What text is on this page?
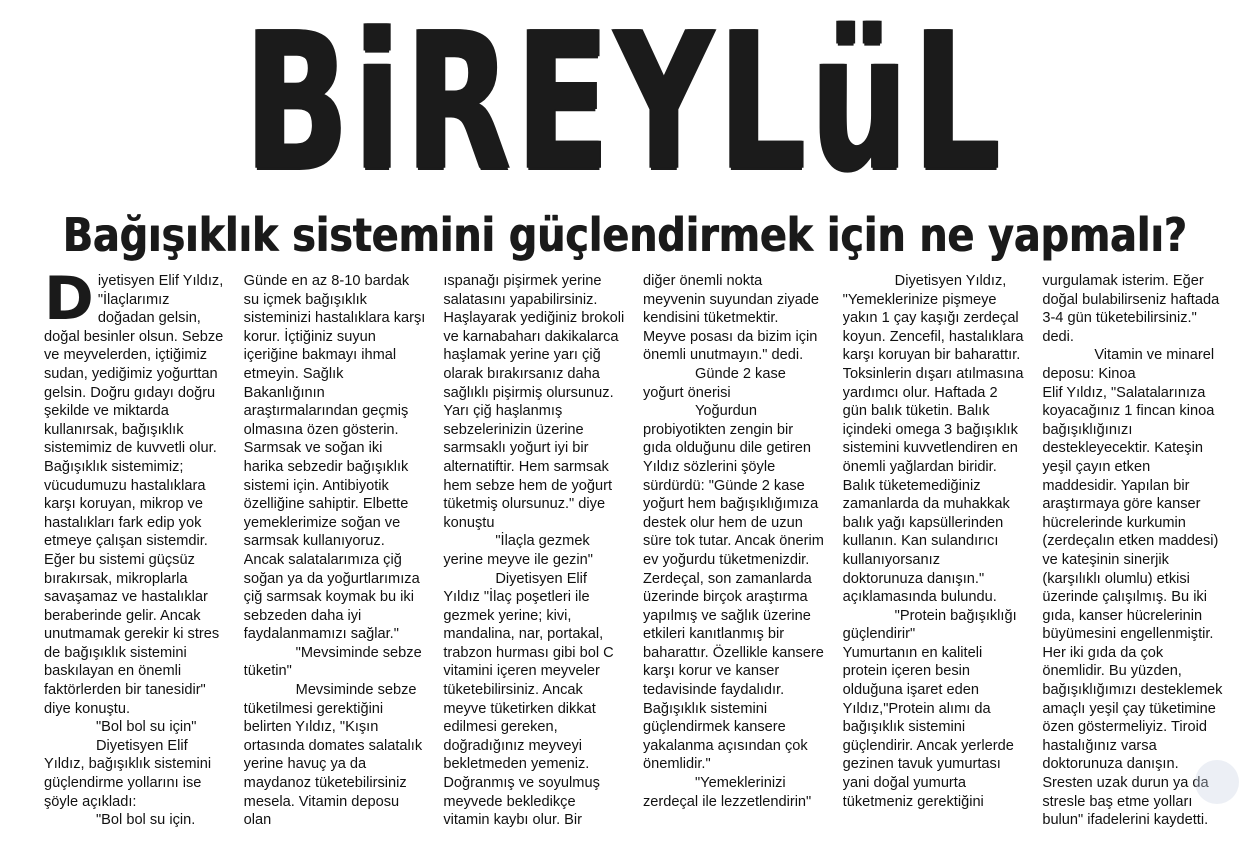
BiREYLüL
Bağışıklık sistemini güçlendirmek için ne yapmalı?

Diyetisyen Elif Yıldız, "İlaçlarımız doğadan gelsin, doğal besinler olsun. Sebze ve meyvelerden, içtiğimiz sudan, yediğimiz yoğurttan gelsin. Doğru gıdayı doğru şekilde ve miktarda kullanırsak, bağışıklık sistemimiz de kuvvetli olur. Bağışıklık sistemimiz; vücudumuzu hastalıklara karşı koruyan, mikrop ve hastalıkları fark edip yok etmeye çalışan sistemdir. Eğer bu sistemi güçsüz bırakırsak, mikroplarla savaşamaz ve hastalıklar beraberinde gelir. Ancak unutmamak gerekir ki stres de bağışıklık sistemini baskılayan en önemli faktörlerden bir tanesidir" diye konuştu.

"Bol bol su için"

Diyetisyen Elif Yıldız, bağışıklık sistemini güçlendirme yollarını ise şöyle açıkladı:

"Bol bol su için.

Günde en az 8-10 bardak su içmek bağışıklık sisteminizi hastalıklara karşı korur. İçtiğiniz suyun içeriğine bakmayı ihmal etmeyin. Sağlık Bakanlığının araştırmalarından geçmiş olmasına özen gösterin. Sarmsak ve soğan iki harika sebzedir bağışıklık sistemi için. Antibiyotik özelliğine sahiptir. Elbette yemeklerimize soğan ve sarmsak kullanıyoruz. Ancak salatalarımıza çiğ soğan ya da yoğurtlarımıza çiğ sarmsak koymak bu iki sebzeden daha iyi faydalanmamızı sağlar."

"Mevsiminde sebze tüketin"

Mevsiminde sebze tüketilmesi gerektiğini belirten Yıldız, "Kışın ortasında domates salatalık yerine havuç ya da maydanoz tüketebilirsiniz mesela. Vitamin deposu olan

ıspanağı pişirmek yerine salatasını yapabilirsiniz. Haşlayarak yediğiniz brokoli ve karnabaharı dakikalarca haşlamak yerine yarı çiğ olarak bırakırsanız daha sağlıklı pişirmiş olursunuz. Yarı çiğ haşlanmış sebzelerinizin üzerine sarmsaklı yoğurt iyi bir alternatiftir. Hem sarmsak hem sebze hem de yoğurt tüketmiş olursunuz." diye konuştu

"İlaçla gezmek yerine meyve ile gezin"

Diyetisyen Elif Yıldız "İlaç poşetleri ile gezmek yerine; kivi, mandalina, nar, portakal, trabzon hurması gibi bol C vitamini içeren meyveler tüketebilirsiniz. Ancak meyve tüketirken dikkat edilmesi gereken, doğradığınız meyveyi bekletmeden yemeniz. Doğranmış ve soyulmuş meyvede bekledikçe vitamin kaybı olur. Bir

diğer önemli nokta meyvenin suyundan ziyade kendisini tüketmektir. Meyve posası da bizim için önemli unutmayın." dedi.

Günde 2 kase yoğurt önerisi

Yoğurdun probiyotikten zengin bir gıda olduğunu dile getiren Yıldız sözlerini şöyle sürdürdü: "Günde 2 kase yoğurt hem bağışıklığımıza destek olur hem de uzun süre tok tutar. Ancak önerim ev yoğurdu tüketmenizdir. Zerdeçal, son zamanlarda üzerinde birçok araştırma yapılmış ve sağlık üzerine etkileri kanıtlanmış bir baharattır. Özellikle kansere karşı korur ve kanser tedavisinde faydalıdır. Bağışıklık sistemini güçlendirmek kansere yakalanma açısından çok önemlidir."

"Yemeklerinizi zerdeçal ile lezzetlendirin"

Diyetisyen Yıldız, "Yemeklerinize pişmeye yakın 1 çay kaşığı zerdeçal koyun. Zencefil, hastalıklara karşı koruyan bir baharattır. Toksinlerin dışarı atılmasına yardımcı olur. Haftada 2 gün balık tüketin. Balık içindeki omega 3 bağışıklık sistemini kuvvetlendiren en önemli yağlardan biridir. Balık tüketemediğiniz zamanlarda da muhakkak balık yağı kapsüllerinden kullanın. Kan sulandırıcı kullanıyorsanız doktorunuza danışın." açıklamasında bulundu.

"Protein bağışıklığı güçlendirir"

Yumurtanın en kaliteli protein içeren besin olduğuna işaret eden Yıldız,"Protein alımı da bağışıklık sistemini güçlendirir. Ancak yerlerde gezinen tavuk yumurtası yani doğal yumurta tüketmeniz gerektiğini

vurgulamak isterim. Eğer doğal bulabilirseniz haftada 3-4 gün tüketebilirsiniz." dedi.

Vitamin ve minarel deposu: Kinoa

Elif Yıldız, "Salatalarınıza koyacağınız 1 fincan kinoa bağışıklığınızı destekleyecektir. Kateşin yeşil çayın etken maddesidir. Yapılan bir araştırmaya göre kanser hücrelerinde kurkumin (zerdeçalın etken maddesi) ve kateşinin sinerjik (karşılıklı olumlu) etkisi üzerinde çalışılmış. Bu iki gıda, kanser hücrelerinin büyümesini engellenmiştir. Her iki gıda da çok önemlidir. Bu yüzden, bağışıklığımızı desteklemek amaçlı yeşil çay tüketimine özen göstermeliyiz. Tiroid hastalığınız varsa doktorunuza danışın. Sresten uzak durun ya da stresle baş etme yolları bulun" ifadelerini kaydetti.
